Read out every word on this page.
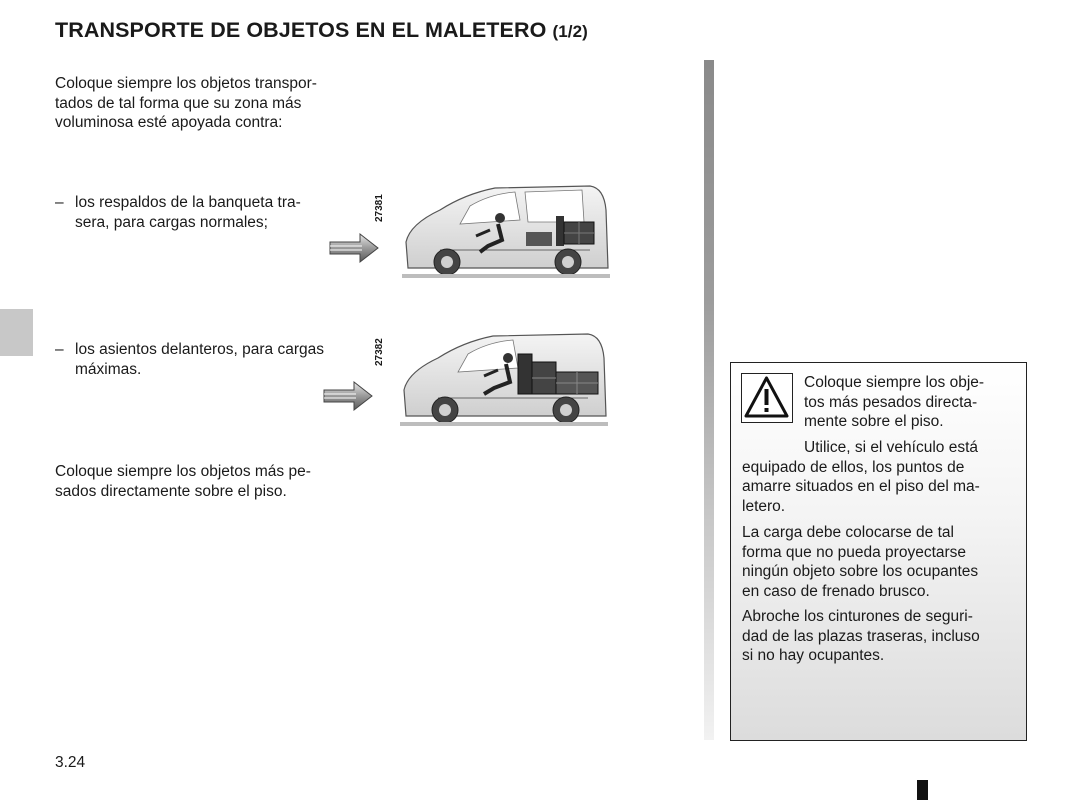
TRANSPORTE DE OBJETOS EN EL MALETERO (1/2)
Coloque siempre los objetos transpor-
tados de tal forma que su zona más
voluminosa esté apoyada contra:
– los respaldos de la banqueta tra-
sera, para cargas normales;
– los asientos delanteros, para cargas
máximas.
Coloque siempre los objetos más pe-
sados directamente sobre el piso.
27381
27382
Coloque siempre los obje-
tos más pesados directa-
mente sobre el piso.
Utilice, si el vehículo está
equipado de ellos, los puntos de
amarre situados en el piso del ma-
letero.
La carga debe colocarse de tal
forma que no pueda proyectarse
ningún objeto sobre los ocupantes
en caso de frenado brusco.
Abroche los cinturones de seguri-
dad de las plazas traseras, incluso
si no hay ocupantes.
3.24
